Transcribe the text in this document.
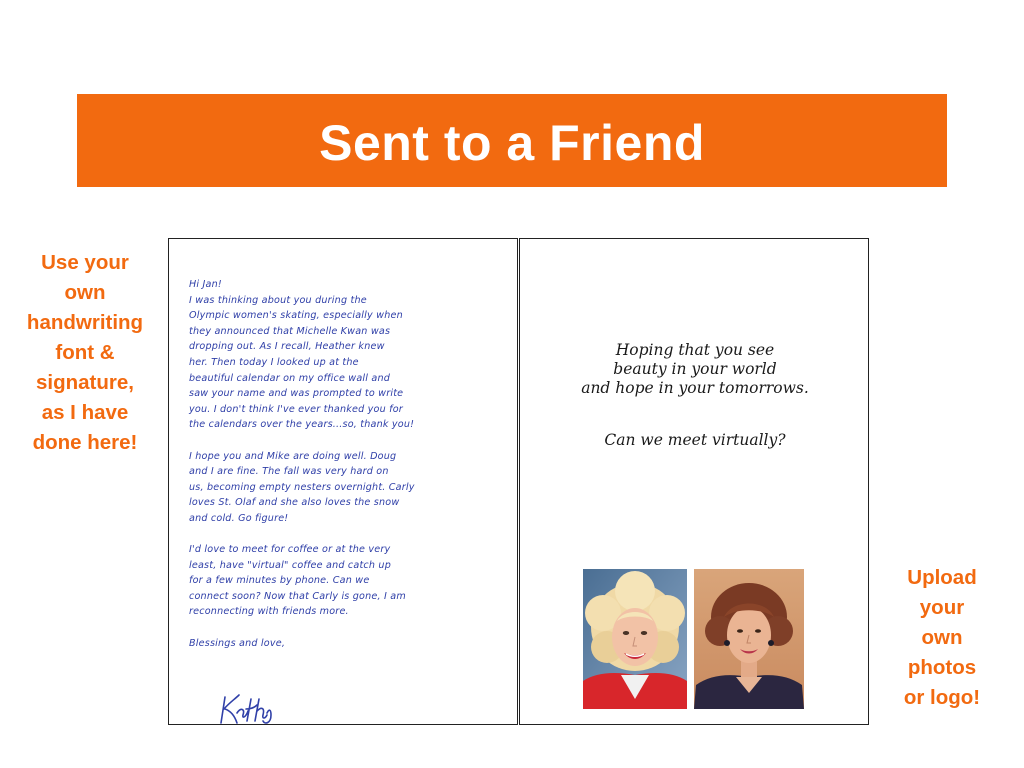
Sent to a Friend
Use your
own
handwriting
font &
signature,
as I have
done here!
Hi Jan!
I was thinking about you during the
Olympic women's skating, especially when
they announced that Michelle Kwan was
dropping out. As I recall, Heather knew
her. Then today I looked up at the
beautiful calendar on my office wall and
saw your name and was prompted to write
you. I don't think I've ever thanked you for
the calendars over the years...so, thank you!
I hope you and Mike are doing well. Doug
and I are fine. The fall was very hard on
us, becoming empty nesters overnight. Carly
loves St. Olaf and she also loves the snow
and cold. Go figure!
I'd love to meet for coffee or at the very
least, have "virtual" coffee and catch up
for a few minutes by phone. Can we
connect soon? Now that Carly is gone, I am
reconnecting with friends more.
Blessings and love,
Hoping that you see
beauty in your world
and hope in your tomorrows.
Can we meet virtually?
Upload
your
own
photos
or logo!
